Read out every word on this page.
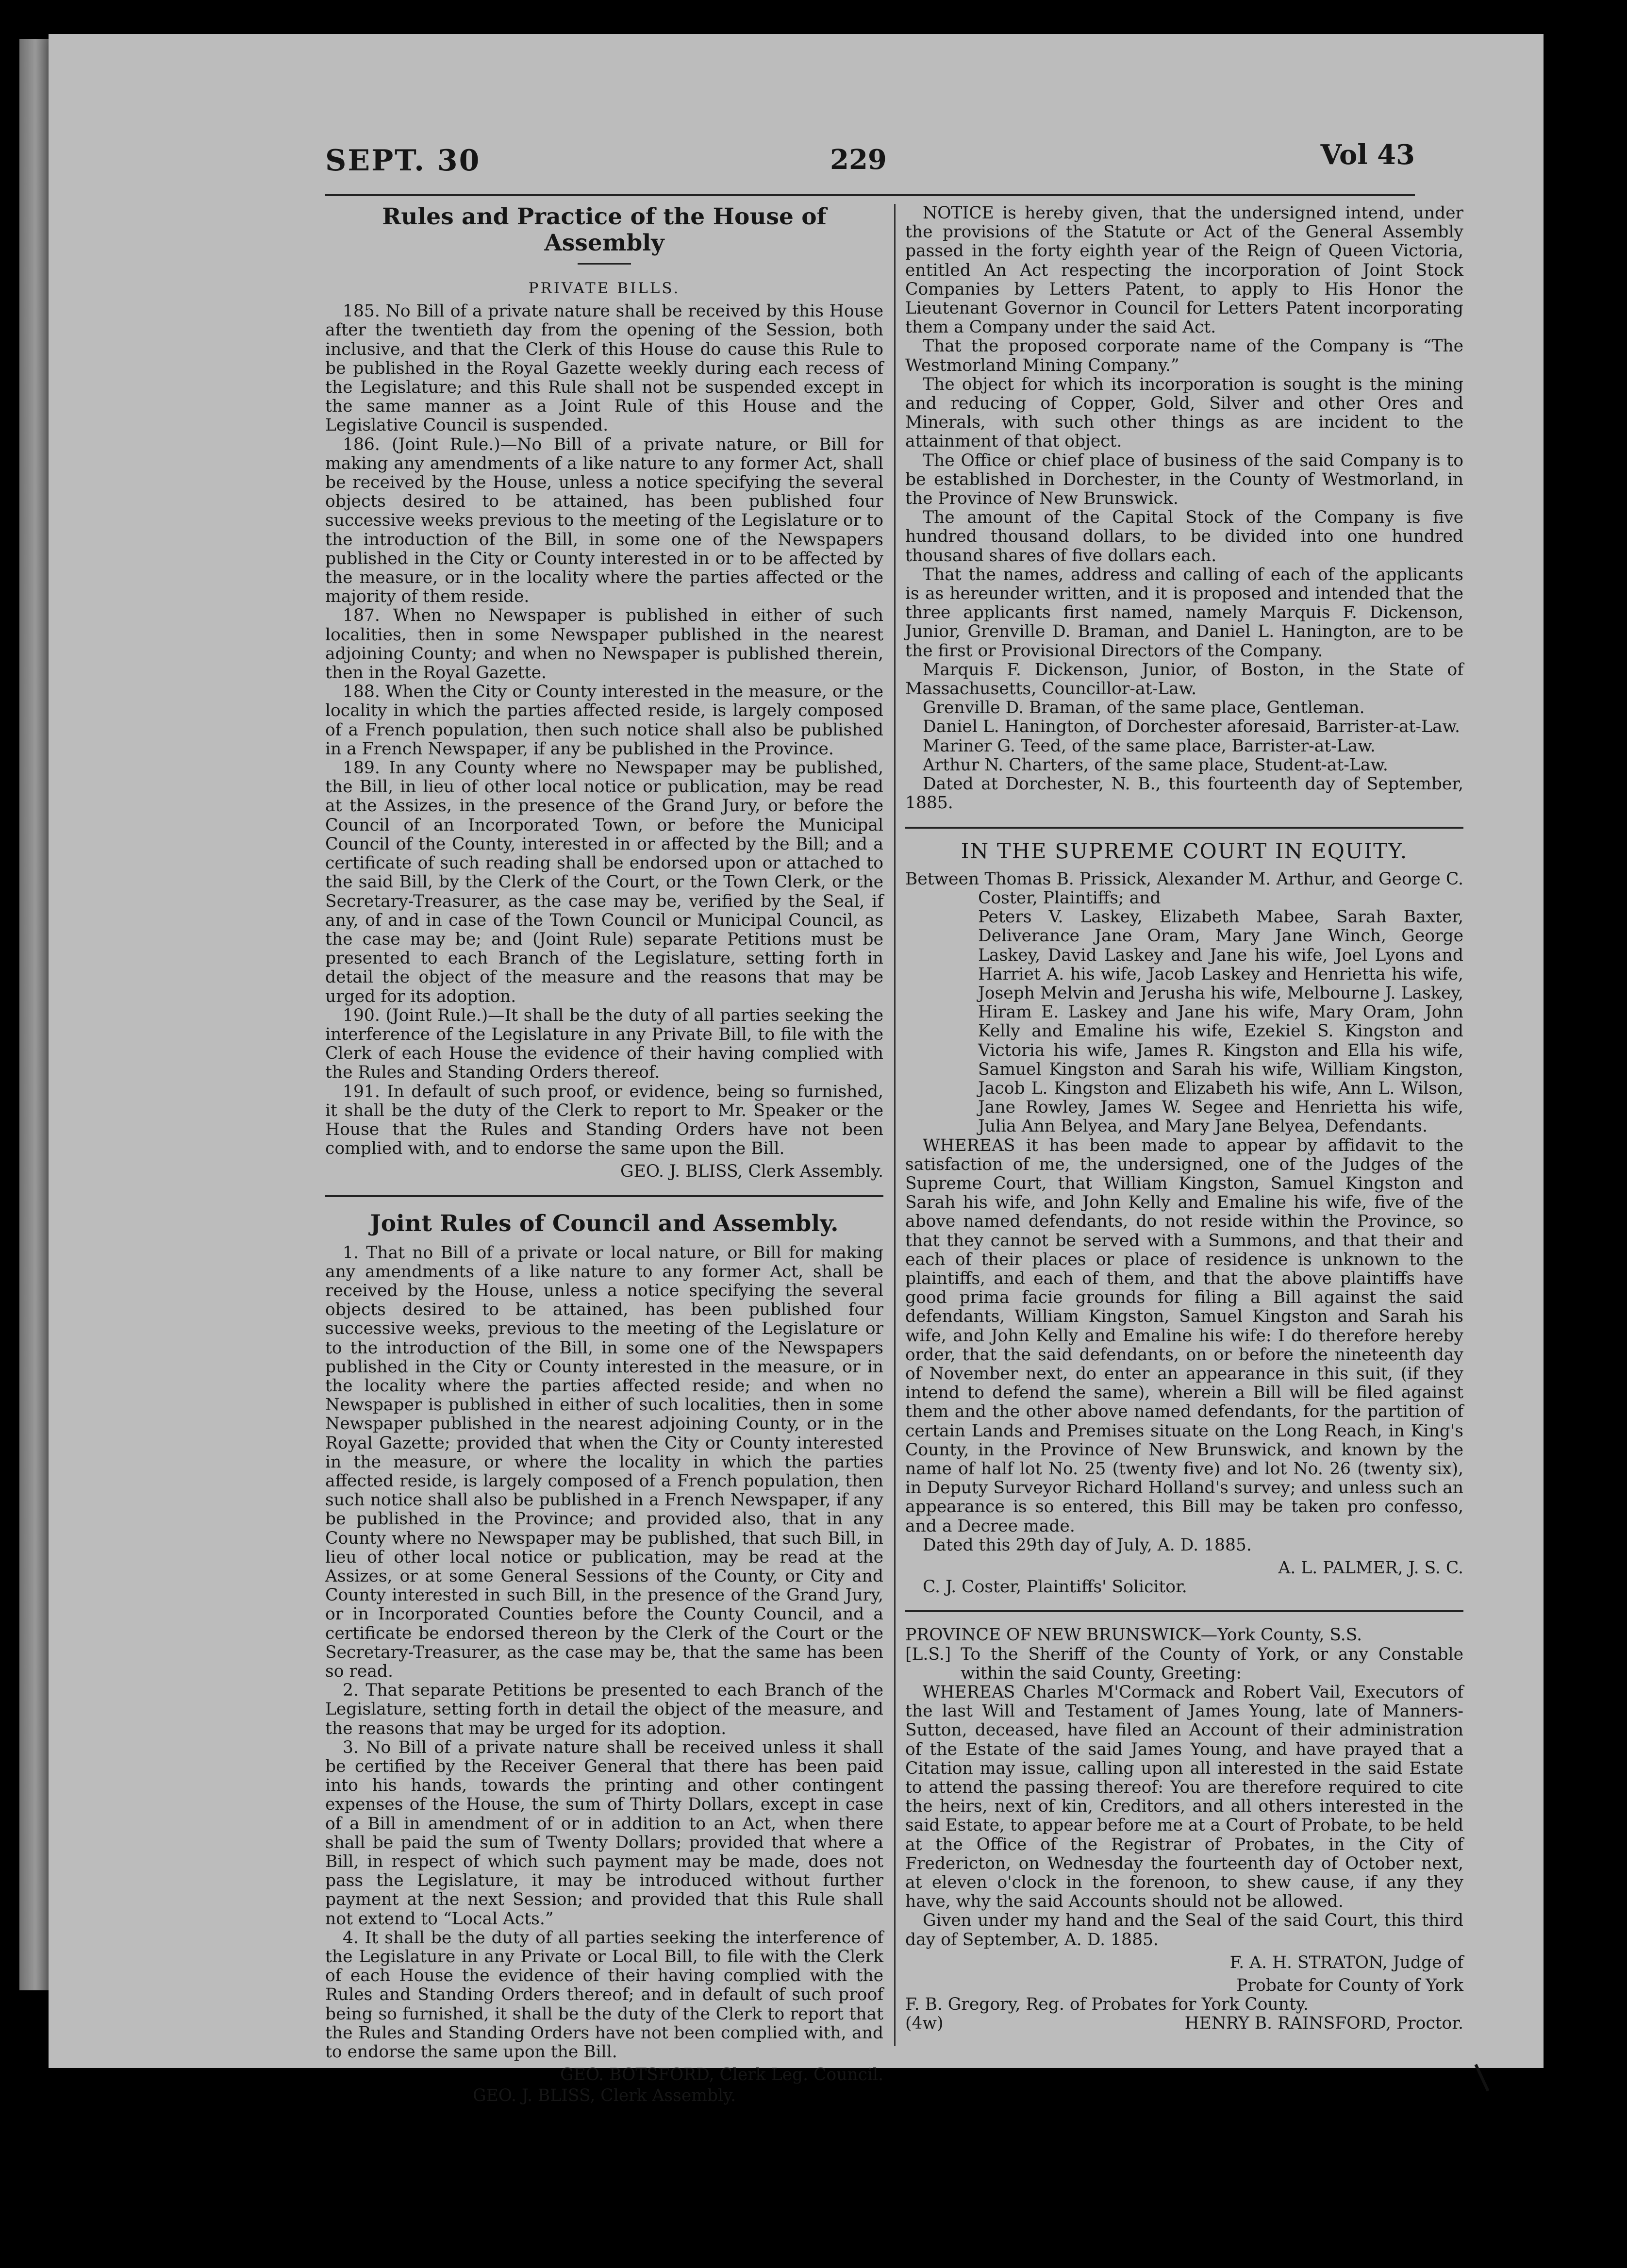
SEPT. 30	229	Vol 43
Rules and Practice of the House of Assembly
PRIVATE BILLS.

185. No Bill of a private nature shall be received by this House after the twentieth day from the opening of the Session, both inclusive, and that the Clerk of this House do cause this Rule to be published in the Royal Gazette weekly during each recess of the Legislature; and this Rule shall not be suspended except in the same manner as a Joint Rule of this House and the Legislative Council is suspended.

186. (Joint Rule.)—No Bill of a private nature, or Bill for making any amendments of a like nature to any former Act, shall be received by the House, unless a notice specifying the several objects desired to be attained, has been published four successive weeks previous to the meeting of the Legislature or to the introduction of the Bill, in some one of the Newspapers published in the City or County interested in or to be affected by the measure, or in the locality where the parties affected or the majority of them reside.

187. When no Newspaper is published in either of such localities, then in some Newspaper published in the nearest adjoining County; and when no Newspaper is published therein, then in the Royal Gazette.

188. When the City or County interested in the measure, or the locality in which the parties affected reside, is largely composed of a French population, then such notice shall also be published in a French Newspaper, if any be published in the Province.

189. In any County where no Newspaper may be published, the Bill, in lieu of other local notice or publication, may be read at the Assizes, in the presence of the Grand Jury, or before the Council of an Incorporated Town, or before the Municipal Council of the County, interested in or affected by the Bill; and a certificate of such reading shall be endorsed upon or attached to the said Bill, by the Clerk of the Court, or the Town Clerk, or the Secretary-Treasurer, as the case may be, verified by the Seal, if any, of and in case of the Town Council or Municipal Council, as the case may be; and (Joint Rule) separate Petitions must be presented to each Branch of the Legislature, setting forth in detail the object of the measure and the reasons that may be urged for its adoption.

190. (Joint Rule.)—It shall be the duty of all parties seeking the interference of the Legislature in any Private Bill, to file with the Clerk of each House the evidence of their having complied with the Rules and Standing Orders thereof.

191. In default of such proof, or evidence, being so furnished, it shall be the duty of the Clerk to report to Mr. Speaker or the House that the Rules and Standing Orders have not been complied with, and to endorse the same upon the Bill.

GEO. J. BLISS, Clerk Assembly.
Joint Rules of Council and Assembly.

1. That no Bill of a private or local nature, or Bill for making any amendments of a like nature to any former Act, shall be received by the House, unless a notice specifying the several objects desired to be attained, has been published four successive weeks, previous to the meeting of the Legislature or to the introduction of the Bill, in some one of the Newspapers published in the City or County interested in the measure, or in the locality where the parties affected reside; and when no Newspaper is published in either of such localities, then in some Newspaper published in the nearest adjoining County, or in the Royal Gazette; provided that when the City or County interested in the measure, or where the locality in which the parties affected reside, is largely composed of a French population, then such notice shall also be published in a French Newspaper, if any be published in the Province; and provided also, that in any County where no Newspaper may be published, that such Bill, in lieu of other local notice or publication, may be read at the Assizes, or at some General Sessions of the County, or City and County interested in such Bill, in the presence of the Grand Jury, or in Incorporated Counties before the County Council, and a certificate be endorsed thereon by the Clerk of the Court or the Secretary-Treasurer, as the case may be, that the same has been so read.

2. That separate Petitions be presented to each Branch of the Legislature, setting forth in detail the object of the measure, and the reasons that may be urged for its adoption.

3. No Bill of a private nature shall be received unless it shall be certified by the Receiver General that there has been paid into his hands, towards the printing and other contingent expenses of the House, the sum of Thirty Dollars, except in case of a Bill in amendment of or in addition to an Act, when there shall be paid the sum of Twenty Dollars; provided that where a Bill, in respect of which such payment may be made, does not pass the Legislature, it may be introduced without further payment at the next Session; and provided that this Rule shall not extend to “Local Acts.”

4. It shall be the duty of all parties seeking the interference of the Legislature in any Private or Local Bill, to file with the Clerk of each House the evidence of their having complied with the Rules and Standing Orders thereof; and in default of such proof being so furnished, it shall be the duty of the Clerk to report that the Rules and Standing Orders have not been complied with, and to endorse the same upon the Bill.

GEO. BOTSFORD, Clerk Leg. Council.
GEO. J. BLISS, Clerk Assembly.

NOTICE is hereby given, that the undersigned intend, under the provisions of the Statute or Act of the General Assembly passed in the forty eighth year of the Reign of Queen Victoria, entitled An Act respecting the incorporation of Joint Stock Companies by Letters Patent, to apply to His Honor the Lieutenant Governor in Council for Letters Patent incorporating them a Company under the said Act.

That the proposed corporate name of the Company is “The Westmorland Mining Company.”

The object for which its incorporation is sought is the mining and reducing of Copper, Gold, Silver and other Ores and Minerals, with such other things as are incident to the attainment of that object.

The Office or chief place of business of the said Company is to be established in Dorchester, in the County of Westmorland, in the Province of New Brunswick.

The amount of the Capital Stock of the Company is five hundred thousand dollars, to be divided into one hundred thousand shares of five dollars each.

That the names, address and calling of each of the applicants is as hereunder written, and it is proposed and intended that the three applicants first named, namely Marquis F. Dickenson, Junior, Grenville D. Braman, and Daniel L. Hanington, are to be the first or Provisional Directors of the Company.

Marquis F. Dickenson, Junior, of Boston, in the State of Massachusetts, Councillor-at-Law.

Grenville D. Braman, of the same place, Gentleman.

Daniel L. Hanington, of Dorchester aforesaid, Barrister-at-Law.

Mariner G. Teed, of the same place, Barrister-at-Law.

Arthur N. Charters, of the same place, Student-at-Law.

Dated at Dorchester, N. B., this fourteenth day of September, 1885.

IN THE SUPREME COURT IN EQUITY.

Between Thomas B. Prissick, Alexander M. Arthur, and George C. Coster, Plaintiffs; and

Peters V. Laskey, Elizabeth Mabee, Sarah Baxter, Deliverance Jane Oram, Mary Jane Winch, George Laskey, David Laskey and Jane his wife, Joel Lyons and Harriet A. his wife, Jacob Laskey and Henrietta his wife, Joseph Melvin and Jerusha his wife, Melbourne J. Laskey, Hiram E. Laskey and Jane his wife, Mary Oram, John Kelly and Emaline his wife, Ezekiel S. Kingston and Victoria his wife, James R. Kingston and Ella his wife, Samuel Kingston and Sarah his wife, William Kingston, Jacob L. Kingston and Elizabeth his wife, Ann L. Wilson, Jane Rowley, James W. Segee and Henrietta his wife, Julia Ann Belyea, and Mary Jane Belyea, Defendants.

WHEREAS it has been made to appear by affidavit to the satisfaction of me, the undersigned, one of the Judges of the Supreme Court, that William Kingston, Samuel Kingston and Sarah his wife, and John Kelly and Emaline his wife, five of the above named defendants, do not reside within the Province, so that they cannot be served with a Summons, and that their and each of their places or place of residence is unknown to the plaintiffs, and each of them, and that the above plaintiffs have good prima facie grounds for filing a Bill against the said defendants, William Kingston, Samuel Kingston and Sarah his wife, and John Kelly and Emaline his wife: I do therefore hereby order, that the said defendants, on or before the nineteenth day of November next, do enter an appearance in this suit, (if they intend to defend the same), wherein a Bill will be filed against them and the other above named defendants, for the partition of certain Lands and Premises situate on the Long Reach, in King's County, in the Province of New Brunswick, and known by the name of half lot No. 25 (twenty five) and lot No. 26 (twenty six), in Deputy Surveyor Richard Holland's survey; and unless such an appearance is so entered, this Bill may be taken pro confesso, and a Decree made.

Dated this 29th day of July, A. D. 1885.

A. L. PALMER, J. S. C.

C. J. Coster, Plaintiffs' Solicitor.

PROVINCE OF NEW BRUNSWICK—York County, S.S.

[L.S.] To the Sheriff of the County of York, or any Constable within the said County, Greeting:

WHEREAS Charles M'Cormack and Robert Vail, Executors of the last Will and Testament of James Young, late of Manners-Sutton, deceased, have filed an Account of their administration of the Estate of the said James Young, and have prayed that a Citation may issue, calling upon all interested in the said Estate to attend the passing thereof: You are therefore required to cite the heirs, next of kin, Creditors, and all others interested in the said Estate, to appear before me at a Court of Probate, to be held at the Office of the Registrar of Probates, in the City of Fredericton, on Wednesday the fourteenth day of October next, at eleven o'clock in the forenoon, to shew cause, if any they have, why the said Accounts should not be allowed.

Given under my hand and the Seal of the said Court, this third day of September, A. D. 1885.

F. A. H. STRATON, Judge of
Probate for County of York

F. B. Gregory, Reg. of Probates for York County.

(4w)	HENRY B. RAINSFORD, Proctor.
